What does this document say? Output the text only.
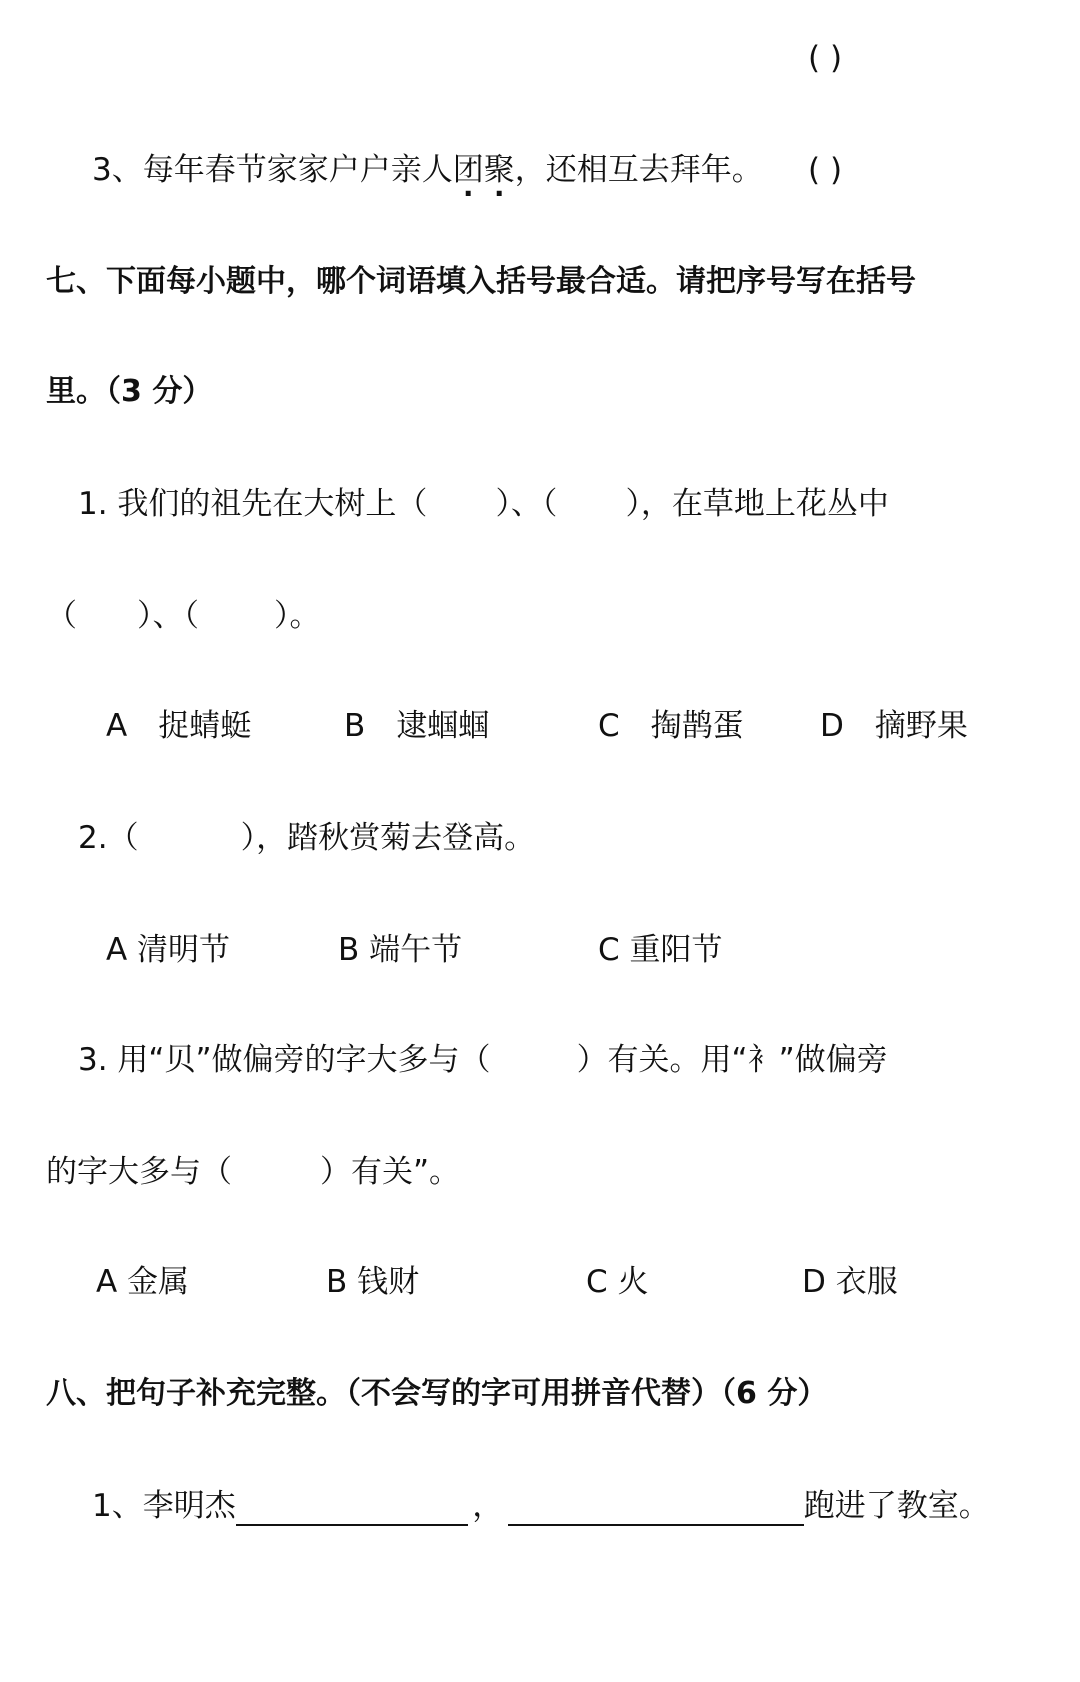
( )
3、每年春节家家户户亲人团聚，还相互去拜年。 ( )
七、下面每小题中，哪个词语填入括号最合适。请把序号写在括号
里。（3 分）
1. 我们的祖先在大树上（ ）、（ ），在草地上花丛中
（ ）、（ ）。
A　捉蜻蜓	B　逮蝈蝈	C　掏鹊蛋 D　摘野果
2.（	），踏秋赏菊去登高。
A 清明节	B 端午节	C 重阳节
3. 用“贝”做偏旁的字大多与（	）有关。用“衤”做偏旁
的字大多与（	）有关”。
A 金属	B 钱财	C 火	D 衣服
八、把句子补充完整。（不会写的字可用拼音代替）（6 分）
1、李明杰	，	跑进了教室。
